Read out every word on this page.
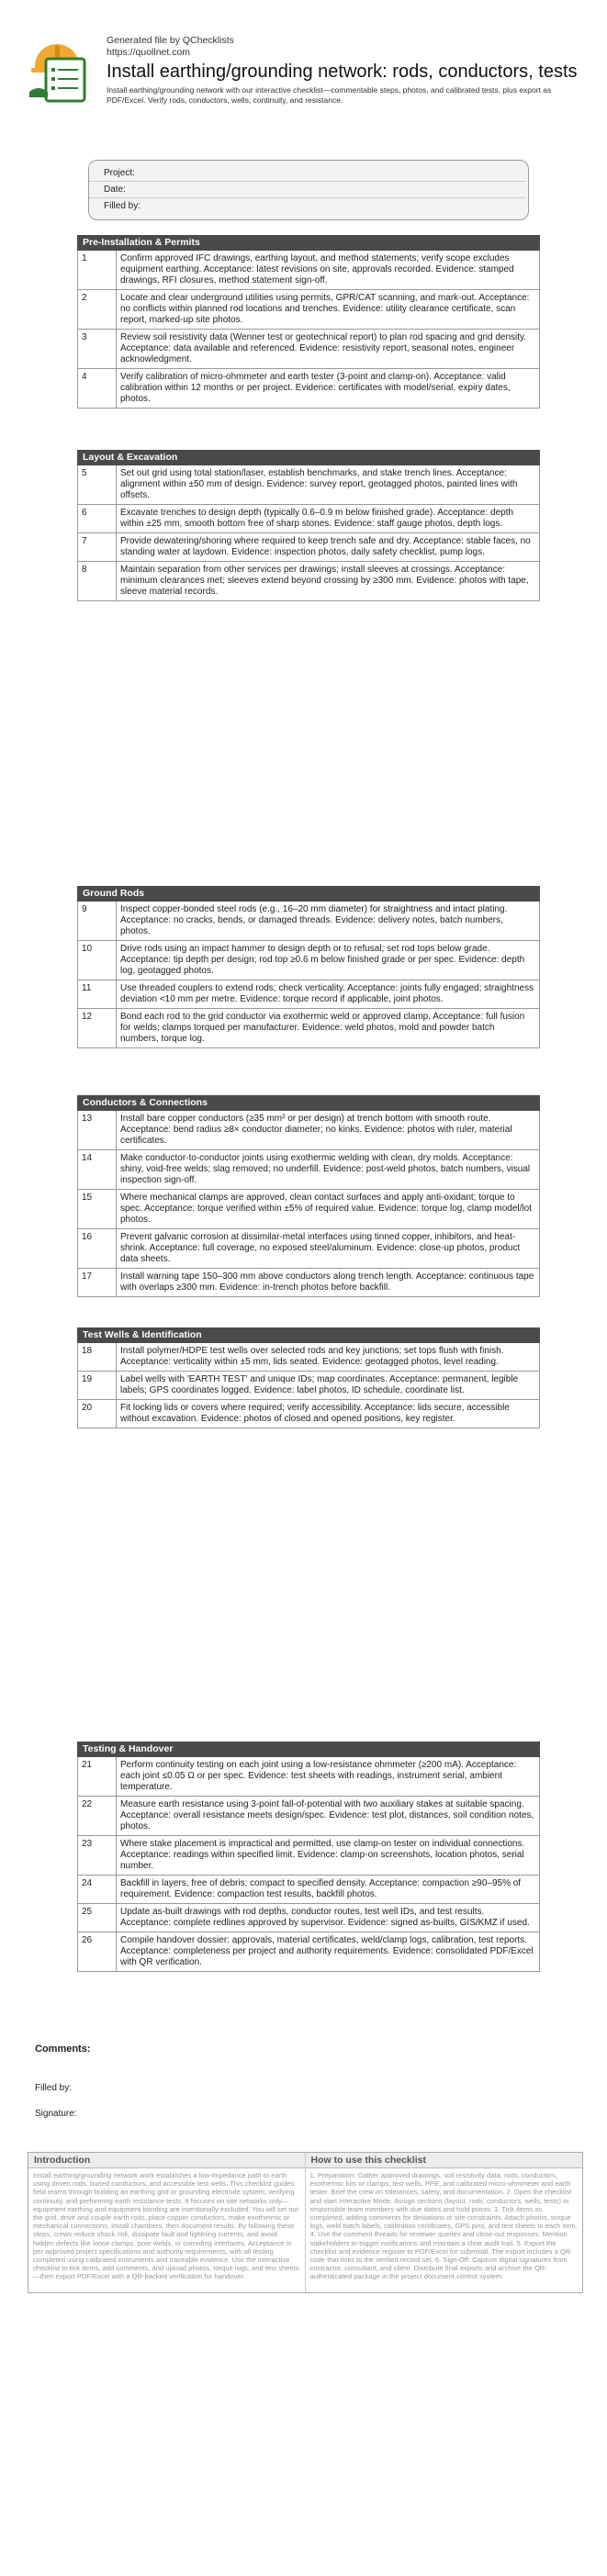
Generated file by QChecklists
https://quollnet.com
Install earthing/grounding network: rods, conductors, tests
Install earthing/grounding network with our interactive checklist—commentable steps, photos, and calibrated tests, plus export as PDF/Excel. Verify rods, conductors, wells, continuity, and resistance.
Project:
Date:
Filled by:
Pre-Installation & Permits
1	Confirm approved IFC drawings, earthing layout, and method statements; verify scope excludes equipment earthing. Acceptance: latest revisions on site, approvals recorded. Evidence: stamped drawings, RFI closures, method statement sign-off.
2	Locate and clear underground utilities using permits, GPR/CAT scanning, and mark-out. Acceptance: no conflicts within planned rod locations and trenches. Evidence: utility clearance certificate, scan report, marked-up site photos.
3	Review soil resistivity data (Wenner test or geotechnical report) to plan rod spacing and grid density. Acceptance: data available and referenced. Evidence: resistivity report, seasonal notes, engineer acknowledgment.
4	Verify calibration of micro-ohmmeter and earth tester (3-point and clamp-on). Acceptance: valid calibration within 12 months or per project. Evidence: certificates with model/serial, expiry dates, photos.
Layout & Excavation
5	Set out grid using total station/laser, establish benchmarks, and stake trench lines. Acceptance: alignment within ±50 mm of design. Evidence: survey report, geotagged photos, painted lines with offsets.
6	Excavate trenches to design depth (typically 0.6–0.9 m below finished grade). Acceptance: depth within ±25 mm, smooth bottom free of sharp stones. Evidence: staff gauge photos, depth logs.
7	Provide dewatering/shoring where required to keep trench safe and dry. Acceptance: stable faces, no standing water at laydown. Evidence: inspection photos, daily safety checklist, pump logs.
8	Maintain separation from other services per drawings; install sleeves at crossings. Acceptance: minimum clearances met; sleeves extend beyond crossing by ≥300 mm. Evidence: photos with tape, sleeve material records.
Ground Rods
9	Inspect copper-bonded steel rods (e.g., 16–20 mm diameter) for straightness and intact plating. Acceptance: no cracks, bends, or damaged threads. Evidence: delivery notes, batch numbers, photos.
10	Drive rods using an impact hammer to design depth or to refusal; set rod tops below grade. Acceptance: tip depth per design; rod top ≥0.6 m below finished grade or per spec. Evidence: depth log, geotagged photos.
11	Use threaded couplers to extend rods; check verticality. Acceptance: joints fully engaged; straightness deviation <10 mm per metre. Evidence: torque record if applicable, joint photos.
12	Bond each rod to the grid conductor via exothermic weld or approved clamp. Acceptance: full fusion for welds; clamps torqued per manufacturer. Evidence: weld photos, mold and powder batch numbers, torque log.
Conductors & Connections
13	Install bare copper conductors (≥35 mm² or per design) at trench bottom with smooth route. Acceptance: bend radius ≥8× conductor diameter; no kinks. Evidence: photos with ruler, material certificates.
14	Make conductor-to-conductor joints using exothermic welding with clean, dry molds. Acceptance: shiny, void-free welds; slag removed; no underfill. Evidence: post-weld photos, batch numbers, visual inspection sign-off.
15	Where mechanical clamps are approved, clean contact surfaces and apply anti-oxidant; torque to spec. Acceptance: torque verified within ±5% of required value. Evidence: torque log, clamp model/lot photos.
16	Prevent galvanic corrosion at dissimilar-metal interfaces using tinned copper, inhibitors, and heat-shrink. Acceptance: full coverage, no exposed steel/aluminum. Evidence: close-up photos, product data sheets.
17	Install warning tape 150–300 mm above conductors along trench length. Acceptance: continuous tape with overlaps ≥300 mm. Evidence: in-trench photos before backfill.
Test Wells & Identification
18	Install polymer/HDPE test wells over selected rods and key junctions; set tops flush with finish. Acceptance: verticality within ±5 mm, lids seated. Evidence: geotagged photos, level reading.
19	Label wells with 'EARTH TEST' and unique IDs; map coordinates. Acceptance: permanent, legible labels; GPS coordinates logged. Evidence: label photos, ID schedule, coordinate list.
20	Fit locking lids or covers where required; verify accessibility. Acceptance: lids secure, accessible without excavation. Evidence: photos of closed and opened positions, key register.
Testing & Handover
21	Perform continuity testing on each joint using a low-resistance ohmmeter (≥200 mA). Acceptance: each joint ≤0.05 Ω or per spec. Evidence: test sheets with readings, instrument serial, ambient temperature.
22	Measure earth resistance using 3-point fall-of-potential with two auxiliary stakes at suitable spacing. Acceptance: overall resistance meets design/spec. Evidence: test plot, distances, soil condition notes, photos.
23	Where stake placement is impractical and permitted, use clamp-on tester on individual connections. Acceptance: readings within specified limit. Evidence: clamp-on screenshots, location photos, serial number.
24	Backfill in layers, free of debris; compact to specified density. Acceptance: compaction ≥90–95% of requirement. Evidence: compaction test results, backfill photos.
25	Update as-built drawings with rod depths, conductor routes, test well IDs, and test results. Acceptance: complete redlines approved by supervisor. Evidence: signed as-builts, GIS/KMZ if used.
26	Compile handover dossier: approvals, material certificates, weld/clamp logs, calibration, test reports. Acceptance: completeness per project and authority requirements. Evidence: consolidated PDF/Excel with QR verification.
Comments:
Filled by:
Signature:
Introduction
Install earthing/grounding network work establishes a low-impedance path to earth using driven rods, buried conductors, and accessible test wells. This checklist guides field teams through building an earthing grid or grounding electrode system, verifying continuity, and performing earth resistance tests. It focuses on site networks only—equipment earthing and equipment bonding are intentionally excluded. You will set out the grid, drive and couple earth rods, place copper conductors, make exothermic or mechanical connections, install chambers, then document results. By following these steps, crews reduce shock risk, dissipate fault and lightning currents, and avoid hidden defects like loose clamps, poor welds, or corroding interfaces. Acceptance is per approved project specifications and authority requirements, with all testing completed using calibrated instruments and traceable evidence. Use the interactive checklist to tick items, add comments, and upload photos, torque logs, and test sheets—then export PDF/Excel with a QR-backed verification for handover.
How to use this checklist
1. Preparation: Gather approved drawings, soil resistivity data, rods, conductors, exothermic kits or clamps, test wells, PPE, and calibrated micro-ohmmeter and earth tester. Brief the crew on tolerances, safety, and documentation. 2. Open the checklist and start Interactive Mode. Assign sections (layout, rods, conductors, wells, tests) to responsible team members with due dates and hold points. 3. Tick items as completed, adding comments for deviations or site constraints. Attach photos, torque logs, weld batch labels, calibration certificates, GPS pins, and test sheets to each item. 4. Use the comment threads for reviewer queries and close-out responses. Mention stakeholders to trigger notifications and maintain a clear audit trail. 5. Export the checklist and evidence register to PDF/Excel for submittal. The export includes a QR code that links to the verified record set. 6. Sign-Off: Capture digital signatures from contractor, consultant, and client. Distribute final exports and archive the QR-authenticated package in the project document control system.
